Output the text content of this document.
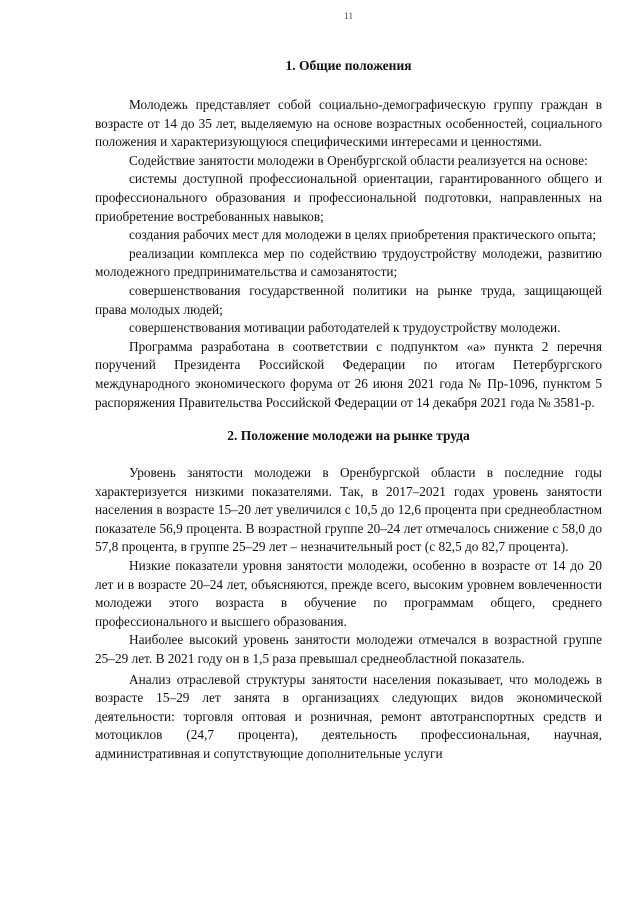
11
1. Общие положения

Молодежь представляет собой социально-демографическую группу граждан в возрасте от 14 до 35 лет, выделяемую на основе возрастных особенностей, социального положения и характеризующуюся специфическими интересами и ценностями.

Содействие занятости молодежи в Оренбургской области реализуется на основе:

системы доступной профессиональной ориентации, гарантированного общего и профессионального образования и профессиональной подготовки, направленных на приобретение востребованных навыков;

создания рабочих мест для молодежи в целях приобретения практического опыта;

реализации комплекса мер по содействию трудоустройству молодежи, развитию молодежного предпринимательства и самозанятости;

совершенствования государственной политики на рынке труда, защищающей права молодых людей;

совершенствования мотивации работодателей к трудоустройству молодежи.

Программа разработана в соответствии с подпунктом «а» пункта 2 перечня поручений Президента Российской Федерации по итогам Петербургского международного экономического форума от 26 июня 2021 года № Пр-1096, пунктом 5 распоряжения Правительства Российской Федерации от 14 декабря 2021 года № 3581-р.

2. Положение молодежи на рынке труда

Уровень занятости молодежи в Оренбургской области в последние годы характеризуется низкими показателями. Так, в 2017–2021 годах уровень занятости населения в возрасте 15–20 лет увеличился с 10,5 до 12,6 процента при среднеобластном показателе 56,9 процента. В возрастной группе 20–24 лет отмечалось снижение с 58,0 до 57,8 процента, в группе 25–29 лет – незначительный рост (с 82,5 до 82,7 процента).

Низкие показатели уровня занятости молодежи, особенно в возрасте от 14 до 20 лет и в возрасте 20–24 лет, объясняются, прежде всего, высоким уровнем вовлеченности молодежи этого возраста в обучение по программам общего, среднего профессионального и высшего образования.

Наиболее высокий уровень занятости молодежи отмечался в возрастной группе 25–29 лет. В 2021 году он в 1,5 раза превышал среднеобластной показатель.

Анализ отраслевой структуры занятости населения показывает, что молодежь в возрасте 15–29 лет занята в организациях следующих видов экономической деятельности: торговля оптовая и розничная, ремонт автотранспортных средств и мотоциклов (24,7 процента), деятельность профессиональная, научная, административная и сопутствующие дополнительные услуги
